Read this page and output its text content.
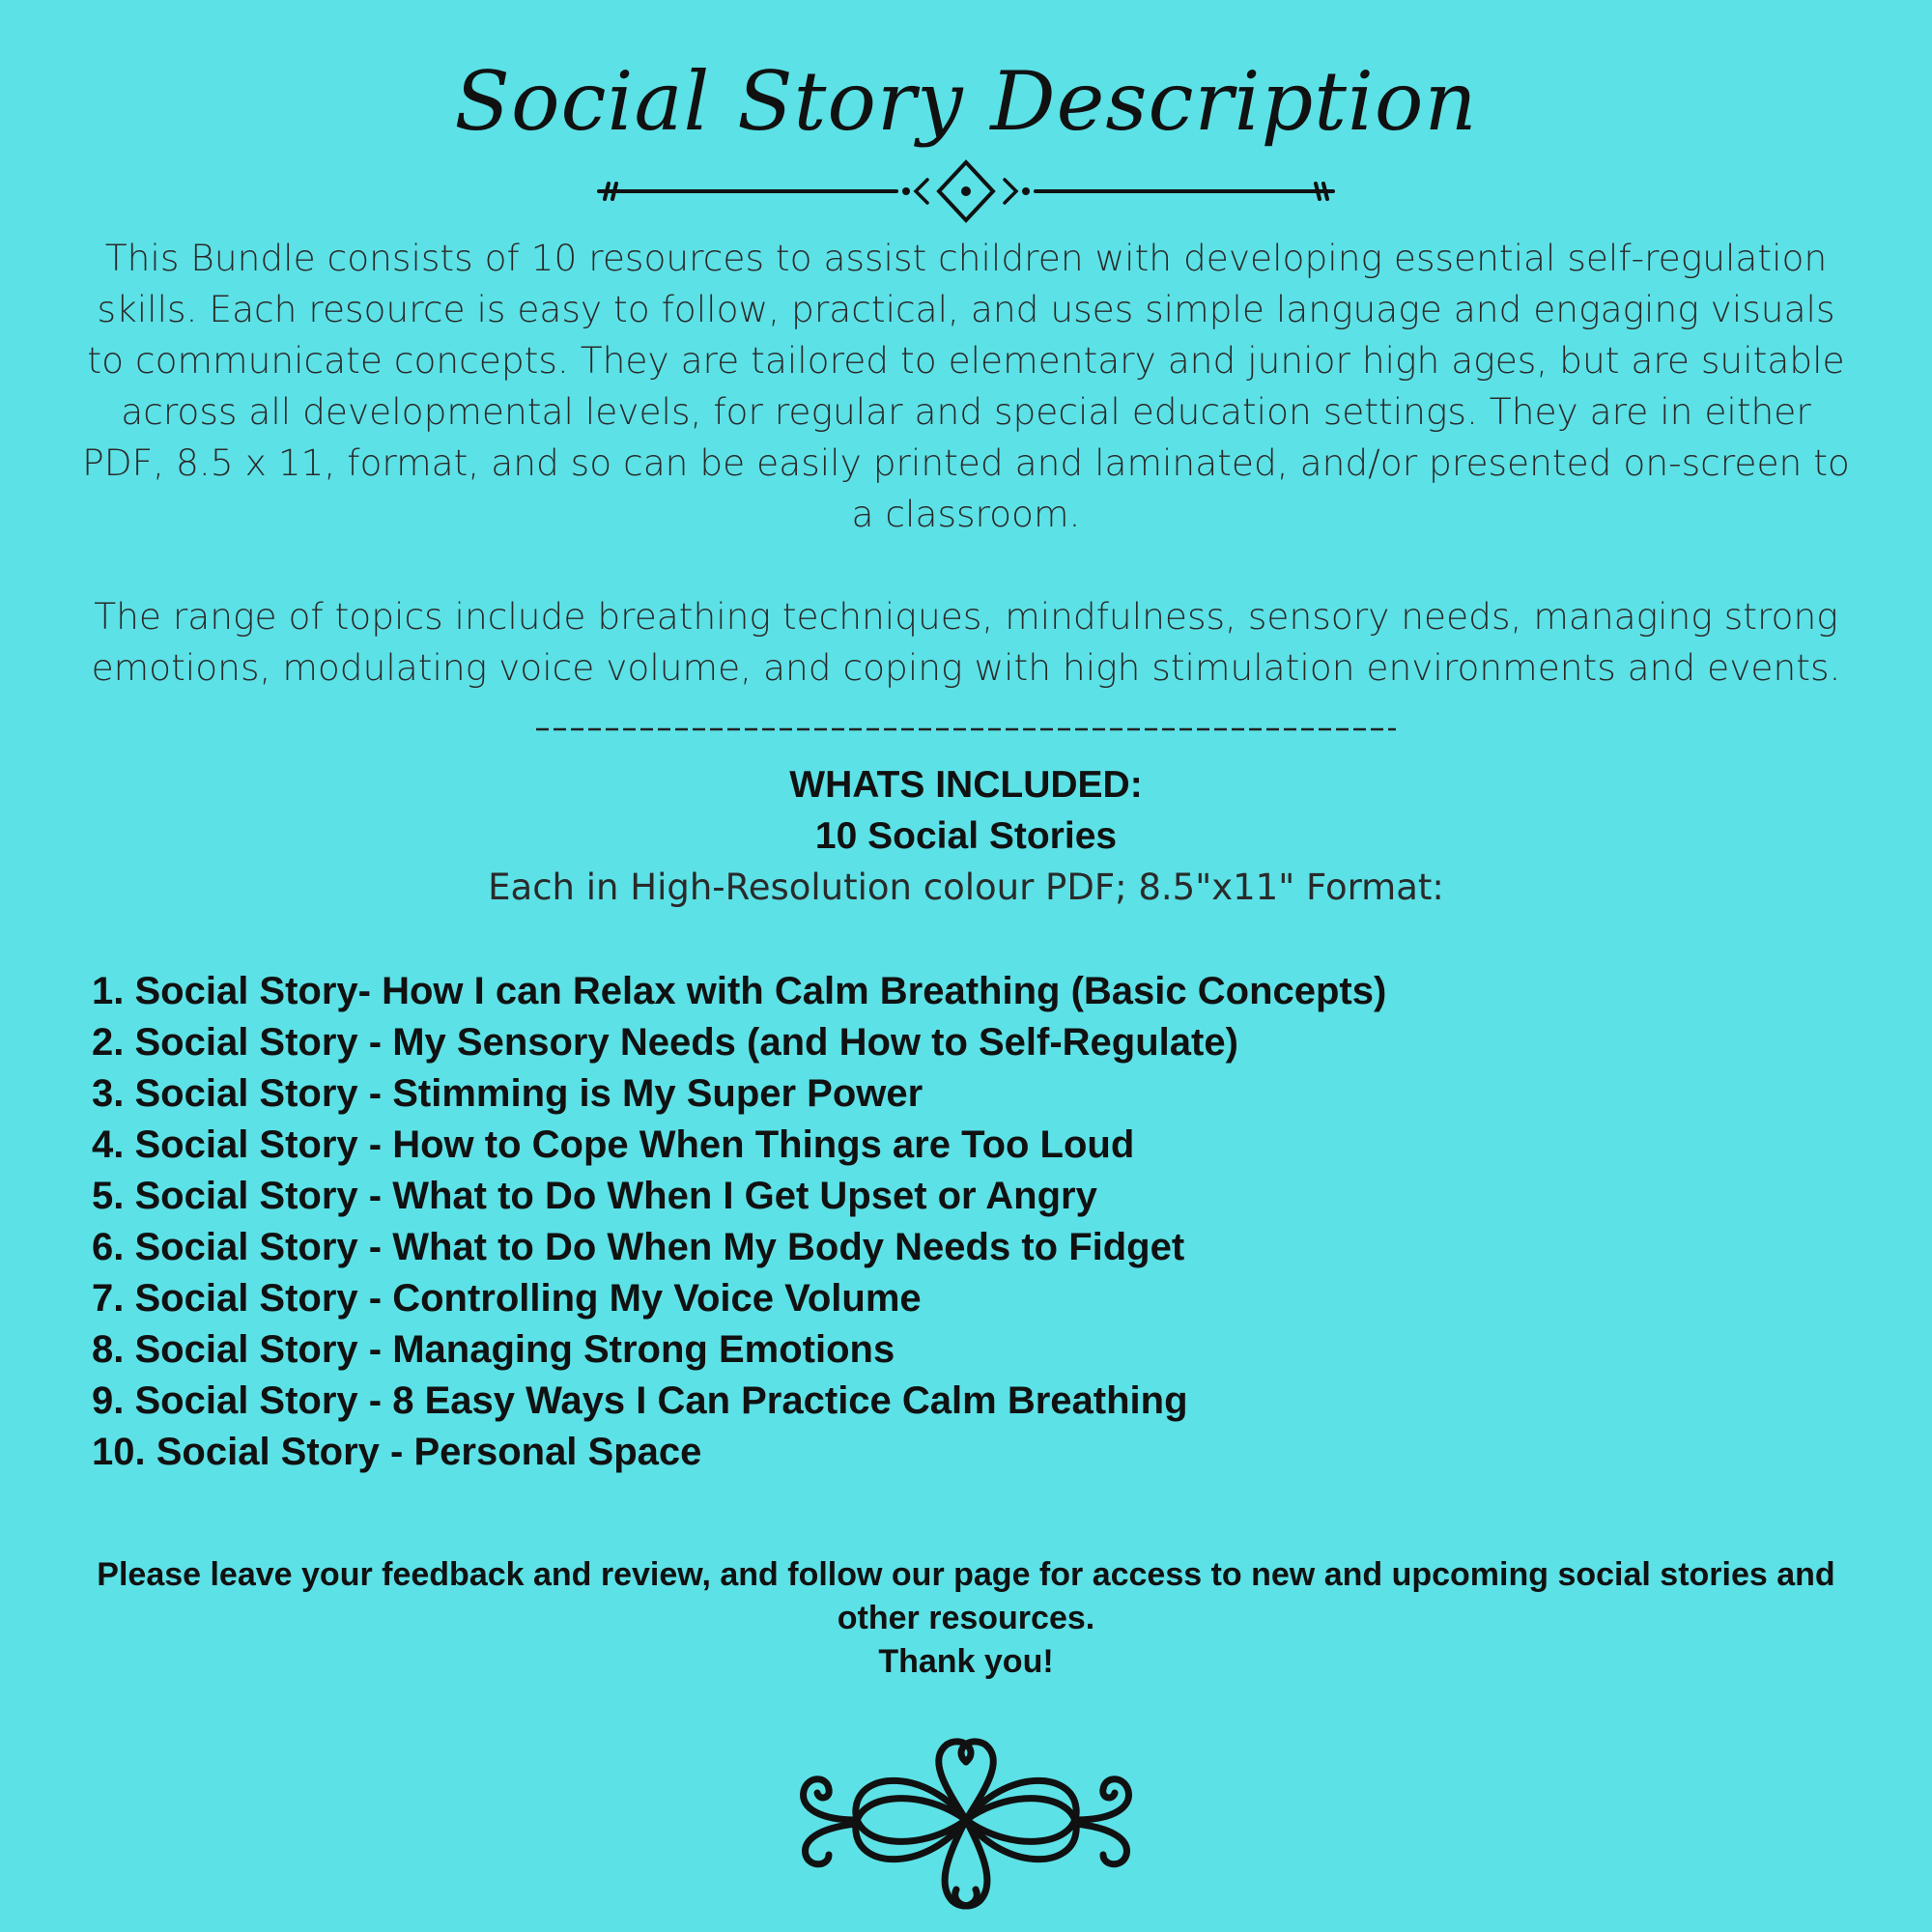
Social Story Description

This Bundle consists of 10 resources to assist children with developing essential self-regulation skills. Each resource is easy to follow, practical, and uses simple language and engaging visuals to communicate concepts. They are tailored to elementary and junior high ages, but are suitable across all developmental levels, for regular and special education settings. They are in either PDF, 8.5 x 11, format, and so can be easily printed and laminated, and/or presented on-screen to a classroom.

The range of topics include breathing techniques, mindfulness, sensory needs, managing strong emotions, modulating voice volume, and coping with high stimulation environments and events.

WHATS INCLUDED:
10 Social Stories
Each in High-Resolution colour PDF; 8.5"x11" Format:
1. Social Story- How I can Relax with Calm Breathing (Basic Concepts)
2. Social Story - My Sensory Needs (and How to Self-Regulate)
3. Social Story - Stimming is My Super Power
4. Social Story - How to Cope When Things are Too Loud
5. Social Story - What to Do When I Get Upset or Angry
6. Social Story - What to Do When My Body Needs to Fidget
7. Social Story - Controlling My Voice Volume
8. Social Story - Managing Strong Emotions
9. Social Story - 8 Easy Ways I Can Practice Calm Breathing
10. Social Story - Personal Space

Please leave your feedback and review, and follow our page for access to new and upcoming social stories and other resources.
Thank you!
